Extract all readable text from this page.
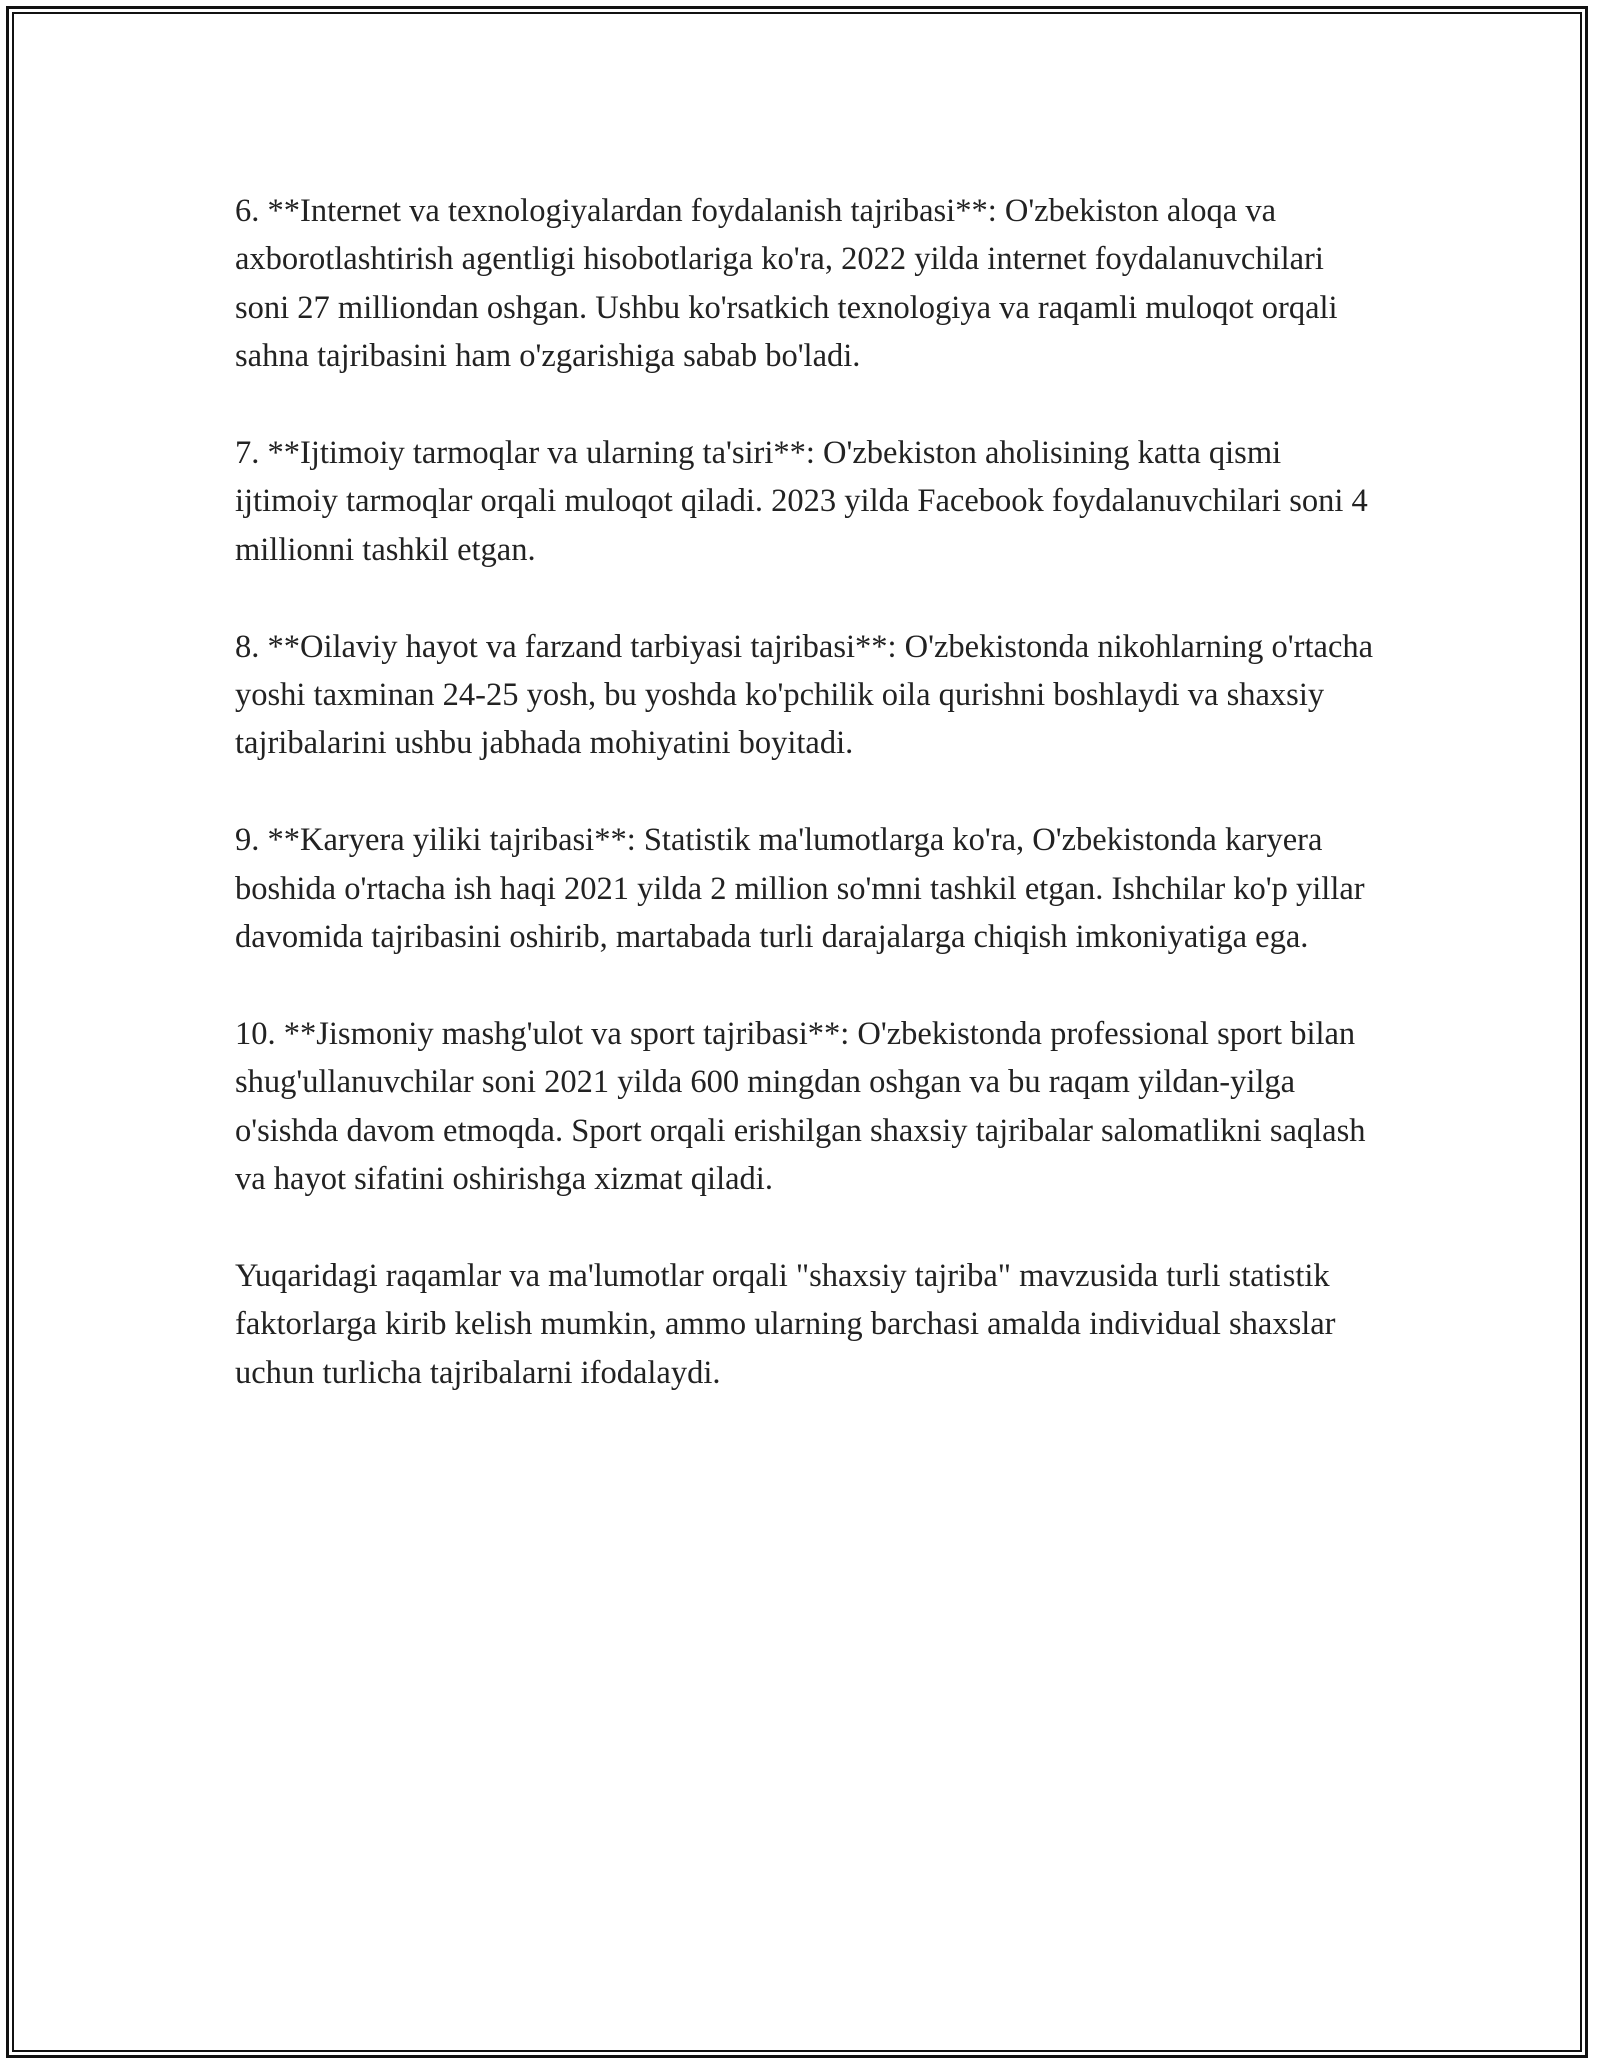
6. **Internet va texnologiyalardan foydalanish tajribasi**: O'zbekiston aloqa va axborotlashtirish agentligi hisobotlariga ko'ra, 2022 yilda internet foydalanuvchilari soni 27 milliondan oshgan. Ushbu ko'rsatkich texnologiya va raqamli muloqot orqali sahna tajribasini ham o'zgarishiga sabab bo'ladi.

7. **Ijtimoiy tarmoqlar va ularning ta'siri**: O'zbekiston aholisining katta qismi ijtimoiy tarmoqlar orqali muloqot qiladi. 2023 yilda Facebook foydalanuvchilari soni 4 millionni tashkil etgan.

8. **Oilaviy hayot va farzand tarbiyasi tajribasi**: O'zbekistonda nikohlarning o'rtacha yoshi taxminan 24-25 yosh, bu yoshda ko'pchilik oila qurishni boshlaydi va shaxsiy tajribalarini ushbu jabhada mohiyatini boyitadi.

9. **Karyera yiliki tajribasi**: Statistik ma'lumotlarga ko'ra, O'zbekistonda karyera boshida o'rtacha ish haqi 2021 yilda 2 million so'mni tashkil etgan. Ishchilar ko'p yillar davomida tajribasini oshirib, martabada turli darajalarga chiqish imkoniyatiga ega.

10. **Jismoniy mashg'ulot va sport tajribasi**: O'zbekistonda professional sport bilan shug'ullanuvchilar soni 2021 yilda 600 mingdan oshgan va bu raqam yildan-yilga o'sishda davom etmoqda. Sport orqali erishilgan shaxsiy tajribalar salomatlikni saqlash va hayot sifatini oshirishga xizmat qiladi.

Yuqaridagi raqamlar va ma'lumotlar orqali "shaxsiy tajriba" mavzusida turli statistik faktorlarga kirib kelish mumkin, ammo ularning barchasi amalda individual shaxslar uchun turlicha tajribalarni ifodalaydi.
